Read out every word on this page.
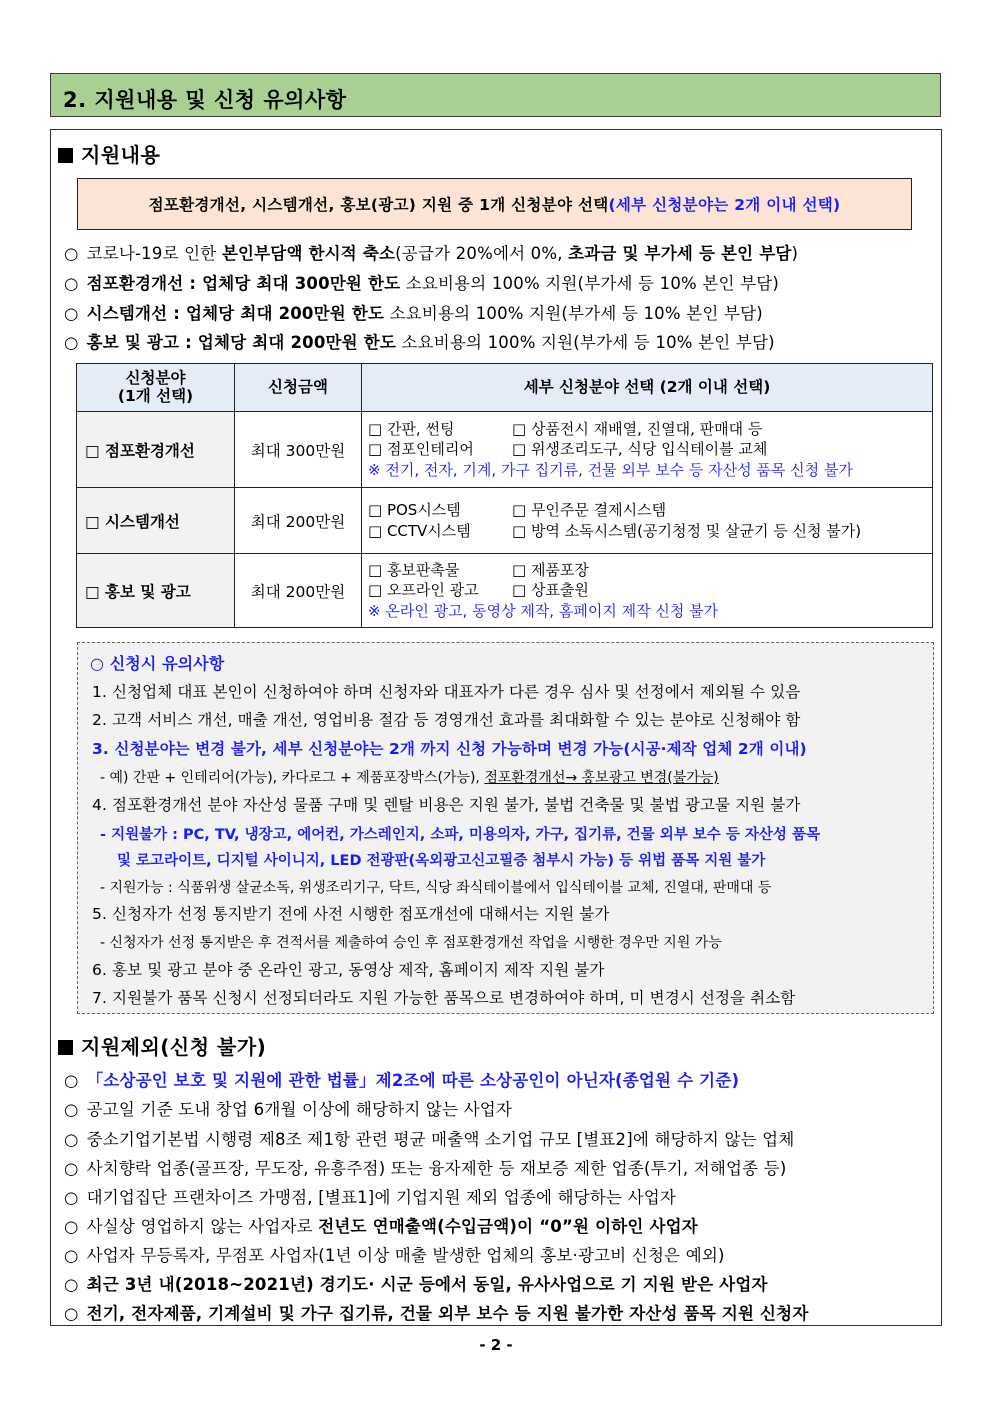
2. 지원내용 및 신청 유의사항
지원내용
점포환경개선, 시스템개선, 홍보(광고) 지원 중 1개 신청분야 선택(세부 신청분야는 2개 이내 선택)
○ 코로나-19로 인한 본인부담액 한시적 축소(공급가 20%에서 0%, 초과금 및 부가세 등 본인 부담)
○ 점포환경개선 : 업체당 최대 300만원 한도 소요비용의 100% 지원(부가세 등 10% 본인 부담)
○ 시스템개선 : 업체당 최대 200만원 한도 소요비용의 100% 지원(부가세 등 10% 본인 부담)
○ 홍보 및 광고 : 업체당 최대 200만원 한도 소요비용의 100% 지원(부가세 등 10% 본인 부담)
신청분야
(1개 선택)	신청금액	세부 신청분야 선택 (2개 이내 선택)
□ 점포환경개선	최대 300만원	□ 간판, 썬팅 □ 상품전시 재배열, 진열대, 판매대 등
□ 점포인테리어 □ 위생조리도구, 식당 입식테이블 교체
※ 전기, 전자, 기계, 가구 집기류, 건물 외부 보수 등 자산성 품목 신청 불가

□ 시스템개선	최대 200만원	□ POS시스템 □ 무인주문 결제시스템
□ CCTV시스템 □ 방역 소독시스템(공기청정 및 살균기 등 신청 불가)

□ 홍보 및 광고	최대 200만원	□ 홍보판촉물 □ 제품포장
□ 오프라인 광고 □ 상표출원
※ 온라인 광고, 동영상 제작, 홈페이지 제작 신청 불가
○ 신청시 유의사항
1. 신청업체 대표 본인이 신청하여야 하며 신청자와 대표자가 다른 경우 심사 및 선정에서 제외될 수 있음
2. 고객 서비스 개선, 매출 개선, 영업비용 절감 등 경영개선 효과를 최대화할 수 있는 분야로 신청해야 함
3. 신청분야는 변경 불가, 세부 신청분야는 2개 까지 신청 가능하며 변경 가능(시공·제작 업체 2개 이내)
- 예) 간판 + 인테리어(가능), 카다로그 + 제품포장박스(가능), 점포환경개선→ 홍보광고 변경(불가능)
4. 점포환경개선 분야 자산성 물품 구매 및 렌탈 비용은 지원 불가, 불법 건축물 및 불법 광고물 지원 불가
- 지원불가 : PC, TV, 냉장고, 에어컨, 가스레인지, 소파, 미용의자, 가구, 집기류, 건물 외부 보수 등 자산성 품목
및 로고라이트, 디지털 사이니지, LED 전광판(옥외광고신고필증 첨부시 가능) 등 위법 품목 지원 불가
- 지원가능 : 식품위생 살균소독, 위생조리기구, 닥트, 식당 좌식테이블에서 입식테이블 교체, 진열대, 판매대 등
5. 신청자가 선정 통지받기 전에 사전 시행한 점포개선에 대해서는 지원 불가
- 신청자가 선정 통지받은 후 견적서를 제출하여 승인 후 점포환경개선 작업을 시행한 경우만 지원 가능
6. 홍보 및 광고 분야 중 온라인 광고, 동영상 제작, 홈페이지 제작 지원 불가
7. 지원불가 품목 신청시 선정되더라도 지원 가능한 품목으로 변경하여야 하며, 미 변경시 선정을 취소함
지원제외(신청 불가)
○ 「소상공인 보호 및 지원에 관한 법률」제2조에 따른 소상공인이 아닌자(종업원 수 기준)
○ 공고일 기준 도내 창업 6개월 이상에 해당하지 않는 사업자
○ 중소기업기본법 시행령 제8조 제1항 관련 평균 매출액 소기업 규모 [별표2]에 해당하지 않는 업체
○ 사치향락 업종(골프장, 무도장, 유흥주점) 또는 융자제한 등 재보증 제한 업종(투기, 저해업종 등)
○ 대기업집단 프랜차이즈 가맹점, [별표1]에 기업지원 제외 업종에 해당하는 사업자
○ 사실상 영업하지 않는 사업자로 전년도 연매출액(수입금액)이 “0”원 이하인 사업자
○ 사업자 무등록자, 무점포 사업자(1년 이상 매출 발생한 업체의 홍보·광고비 신청은 예외)
○ 최근 3년 내(2018~2021년) 경기도· 시군 등에서 동일, 유사사업으로 기 지원 받은 사업자
○ 전기, 전자제품, 기계설비 및 가구 집기류, 건물 외부 보수 등 지원 불가한 자산성 품목 지원 신청자
- 2 -
